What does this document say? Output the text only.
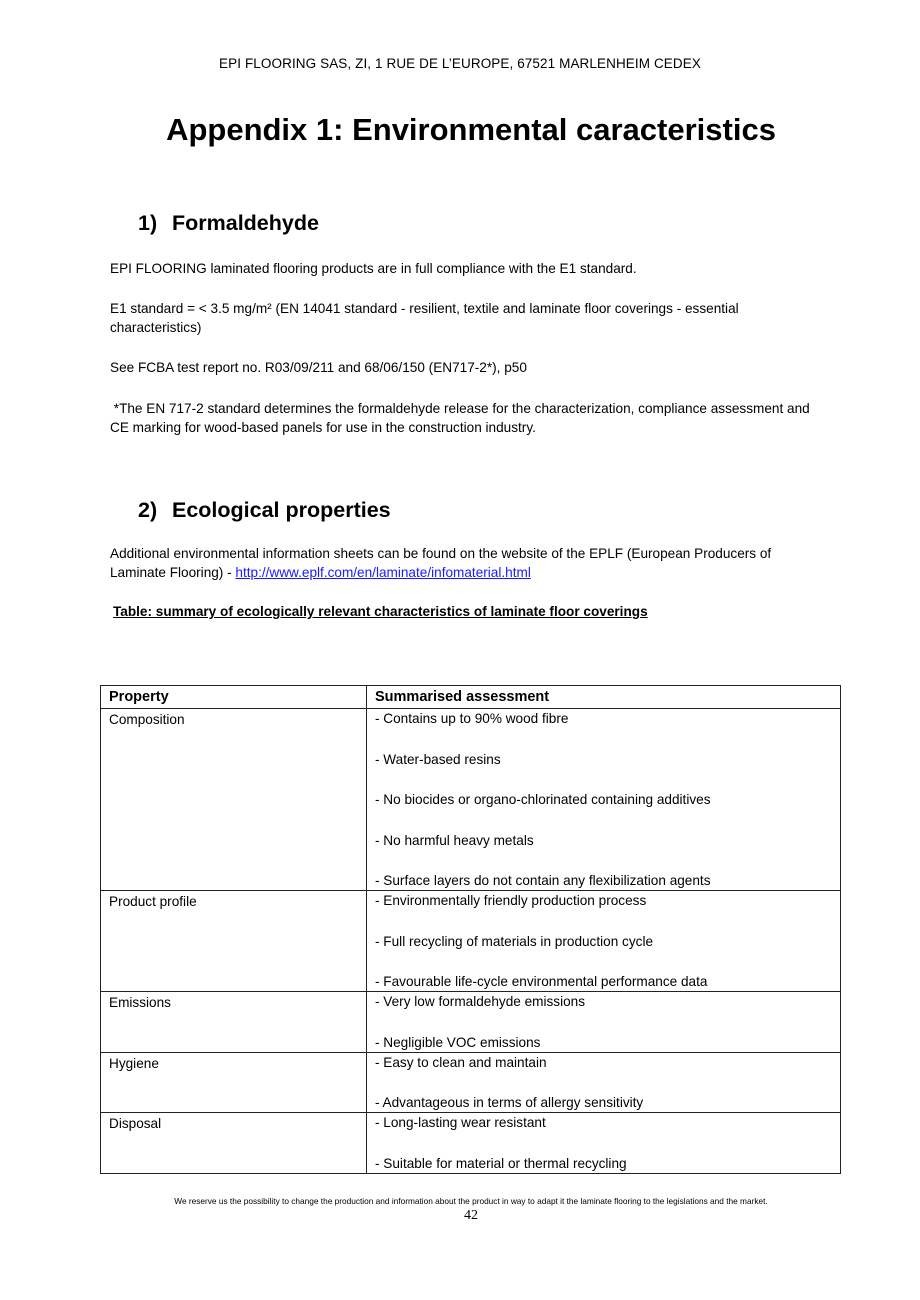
EPI FLOORING SAS, ZI, 1 RUE DE L’EUROPE, 67521 MARLENHEIM CEDEX
Appendix 1: Environmental caracteristics
1) Formaldehyde

EPI FLOORING laminated flooring products are in full compliance with the E1 standard.

E1 standard = < 3.5 mg/m² (EN 14041 standard - resilient, textile and laminate floor coverings - essential characteristics)

See FCBA test report no. R03/09/211 and 68/06/150 (EN717-2*), p50

*The EN 717-2 standard determines the formaldehyde release for the characterization, compliance assessment and CE marking for wood-based panels for use in the construction industry.

2) Ecological properties

Additional environmental information sheets can be found on the website of the EPLF (European Producers of Laminate Flooring) - http://www.eplf.com/en/laminate/infomaterial.html

Table: summary of ecologically relevant characteristics of laminate floor coverings
Property	Summarised assessment
Composition	- Contains up to 90% wood fibre
- Water-based resins
- No biocides or organo-chlorinated containing additives
- No harmful heavy metals
- Surface layers do not contain any flexibilization agents

Product profile	- Environmentally friendly production process
- Full recycling of materials in production cycle
- Favourable life-cycle environmental performance data

Emissions	- Very low formaldehyde emissions
- Negligible VOC emissions

Hygiene	- Easy to clean and maintain
- Advantageous in terms of allergy sensitivity

Disposal	- Long-lasting wear resistant
- Suitable for material or thermal recycling
We reserve us the possibility to change the production and information about the product in way to adapt it the laminate flooring to the legislations and the market.
42
